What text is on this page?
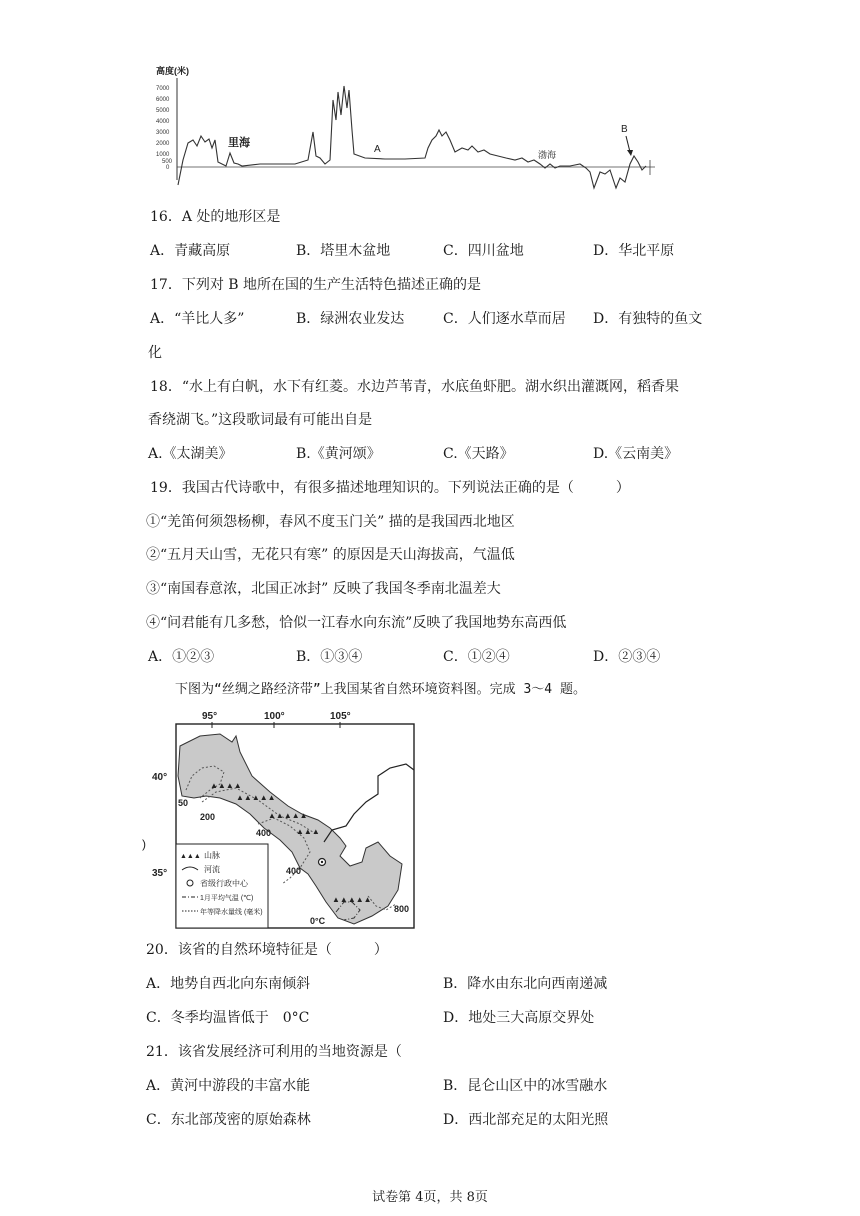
高度(米)
7000
6000
5000
4000
3000
2000
1000
500
0
里海
A	渤海
B
16．A 处的地形区是
A．青藏高原	B．塔里木盆地	C．四川盆地	D．华北平原
17．下列对 B 地所在国的生产生活特色描述正确的是
A．“羊比人多”	B．绿洲农业发达	C．人们逐水草而居 D．有独特的鱼文
化
18．“水上有白帆，水下有红菱。水边芦苇青，水底鱼虾肥。湖水织出灌溉网，稻香果
香绕湖飞。”这段歌词最有可能出自是
A.《太湖美》	B.《黄河颂》	C.《天路》	D.《云南美》
19．我国古代诗歌中，有很多描述地理知识的。下列说法正确的是（　　　）
①“羌笛何须怨杨柳，春风不度玉门关” 描的是我国西北地区
②“五月天山雪，无花只有寒” 的原因是天山海拔高，气温低
③“南国春意浓，北国正冰封” 反映了我国冬季南北温差大
④“问君能有几多愁，恰似一江春水向东流”反映了我国地势东高西低
A．①②③	B．①③④	C．①②④	D．②③④
下图为“丝绸之路经济带”上我国某省自然环境资料图。完成 3～4 题。
95°	100°	105°
40°
35°
)
▲▲▲▲
▲▲▲▲▲
▲▲▲▲▲
▲▲▲
▲▲▲▲▲
50
200
400
400
800
0°C
▲▲▲ 山脉
河流
省级行政中心
1月平均气温 (℃)
年等降水量线 (毫米)
20．该省的自然环境特征是（　　　）
A．地势自西北向东南倾斜	B．降水由东北向西南递减
C．冬季均温皆低于　0°C	D．地处三大高原交界处
21．该省发展经济可利用的当地资源是（
A．黄河中游段的丰富水能	B．昆仑山区中的冰雪融水
C．东北部茂密的原始森林	D．西北部充足的太阳光照
试卷第 4页，共 8页
